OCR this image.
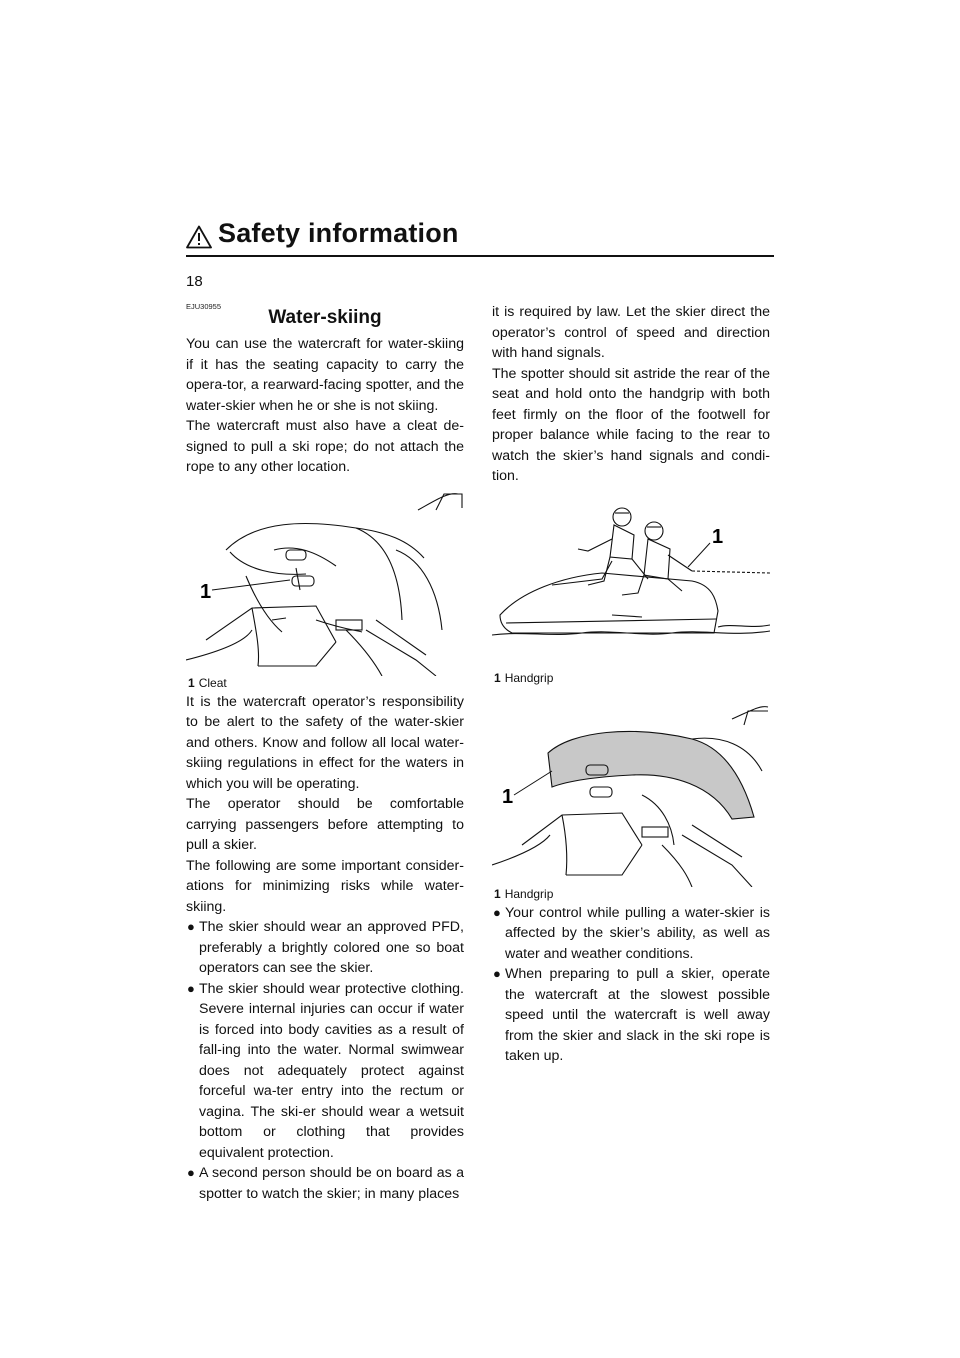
Safety information
18
EJU30955
Water-skiing

You can use the watercraft for water-skiing if it has the seating capacity to carry the opera-tor, a rearward-facing spotter, and the water-skier when he or she is not skiing.

The watercraft must also have a cleat de-signed to pull a ski rope; do not attach the rope to any other location.

1
1 Cleat

It is the watercraft operator’s responsibility to be alert to the safety of the water-skier and others. Know and follow all local water-skiing regulations in effect for the waters in which you will be operating.

The operator should be comfortable carrying passengers before attempting to pull a skier.

The following are some important consider-ations for minimizing risks while water-skiing.

● The skier should wear an approved PFD, preferably a brightly colored one so boat operators can see the skier.
● The skier should wear protective clothing. Severe internal injuries can occur if water is forced into body cavities as a result of fall-ing into the water. Normal swimwear does not adequately protect against forceful wa-ter entry into the rectum or vagina. The ski-er should wear a wetsuit bottom or clothing that provides equivalent protection.
● A second person should be on board as a spotter to watch the skier; in many places

it is required by law. Let the skier direct the operator’s control of speed and direction with hand signals.

The spotter should sit astride the rear of the seat and hold onto the handgrip with both feet firmly on the floor of the footwell for proper balance while facing to the rear to watch the skier’s hand signals and condi-tion.

1
1 Handgrip
1
1 Handgrip
● Your control while pulling a water-skier is affected by the skier’s ability, as well as water and weather conditions.
● When preparing to pull a skier, operate the watercraft at the slowest possible speed until the watercraft is well away from the skier and slack in the ski rope is taken up.
